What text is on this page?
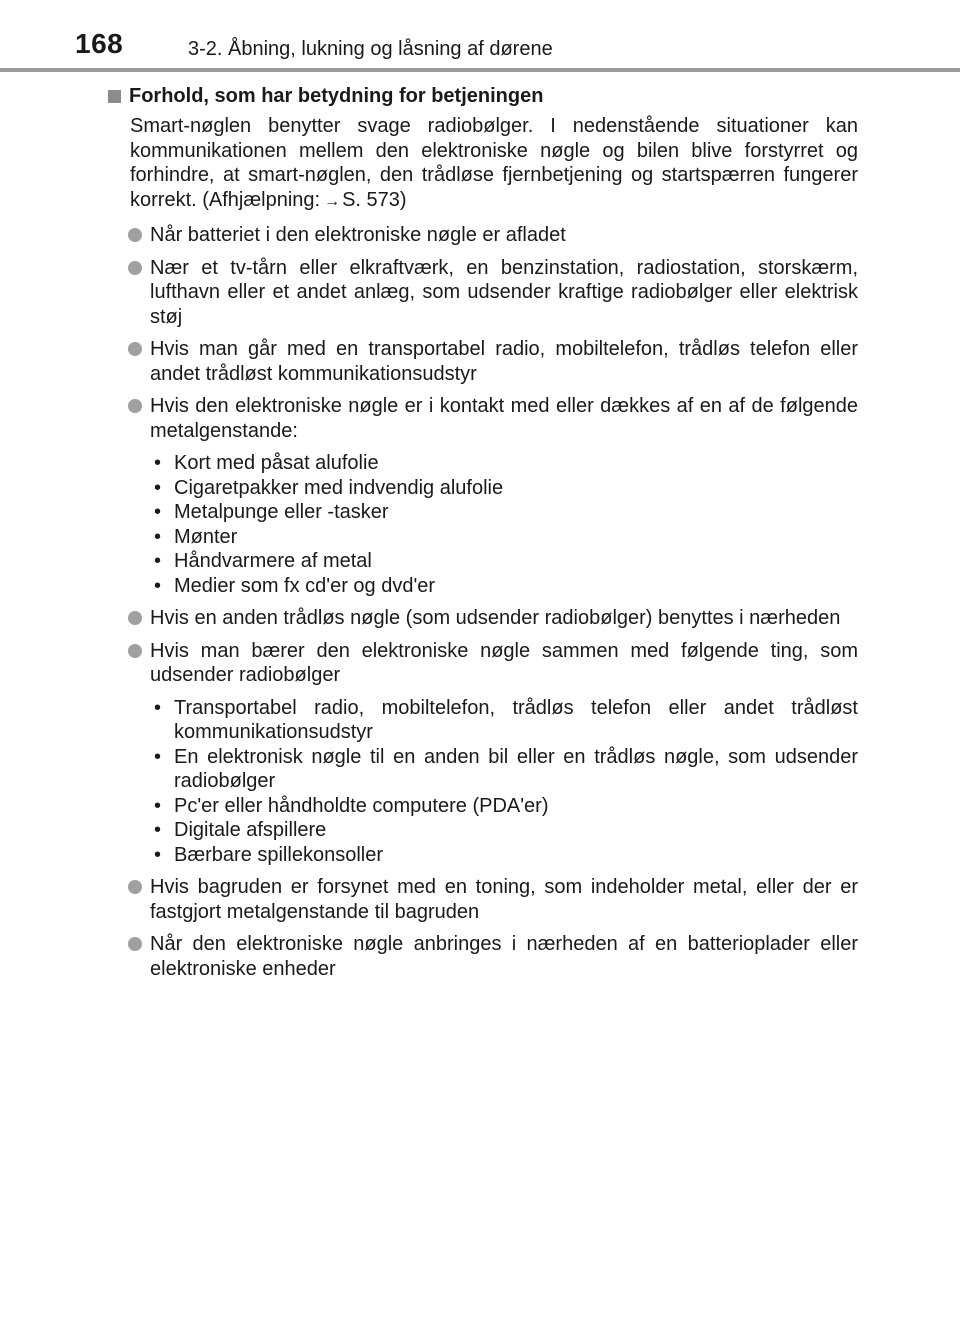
168	3-2. Åbning, lukning og låsning af dørene
Forhold, som har betydning for betjeningen
Smart-nøglen benytter svage radiobølger. I nedenstående situationer kan kommunikationen mellem den elektroniske nøgle og bilen blive forstyrret og forhindre, at smart-nøglen, den trådløse fjernbetjening og startspærren fungerer korrekt. (Afhjælpning: → S. 573)
Når batteriet i den elektroniske nøgle er afladet
Nær et tv-tårn eller elkraftværk, en benzinstation, radiostation, storskærm, lufthavn eller et andet anlæg, som udsender kraftige radiobølger eller elektrisk støj
Hvis man går med en transportabel radio, mobiltelefon, trådløs telefon eller andet trådløst kommunikationsudstyr
Hvis den elektroniske nøgle er i kontakt med eller dækkes af en af de følgende metalgenstande:
• Kort med påsat alufolie
• Cigaretpakker med indvendig alufolie
• Metalpunge eller -tasker
• Mønter
• Håndvarmere af metal
• Medier som fx cd'er og dvd'er
Hvis en anden trådløs nøgle (som udsender radiobølger) benyttes i nærheden
Hvis man bærer den elektroniske nøgle sammen med følgende ting, som udsender radiobølger
• Transportabel radio, mobiltelefon, trådløs telefon eller andet trådløst kommunikationsudstyr
• En elektronisk nøgle til en anden bil eller en trådløs nøgle, som udsender radiobølger
• Pc'er eller håndholdte computere (PDA'er)
• Digitale afspillere
• Bærbare spillekonsoller
Hvis bagruden er forsynet med en toning, som indeholder metal, eller der er fastgjort metalgenstande til bagruden
Når den elektroniske nøgle anbringes i nærheden af en batterioplader eller elektroniske enheder
